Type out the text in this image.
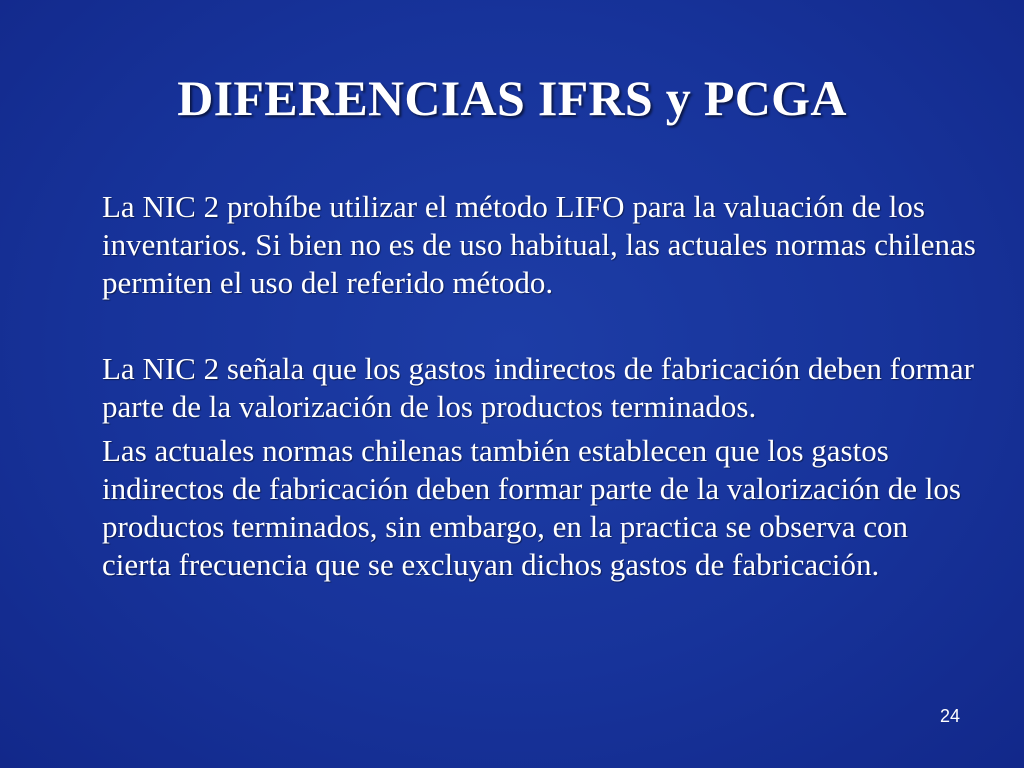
DIFERENCIAS IFRS y PCGA

La NIC 2 prohíbe utilizar el método LIFO para la valuación de los inventarios. Si bien no es de uso habitual, las actuales normas chilenas permiten el uso del referido método.

La NIC 2 señala que los gastos indirectos de fabricación deben formar parte de la valorización de los productos terminados.

Las actuales normas chilenas también establecen que los gastos indirectos de fabricación deben formar parte de la valorización de los productos terminados, sin embargo, en la practica se observa con cierta frecuencia que se excluyan dichos gastos de fabricación.

24
